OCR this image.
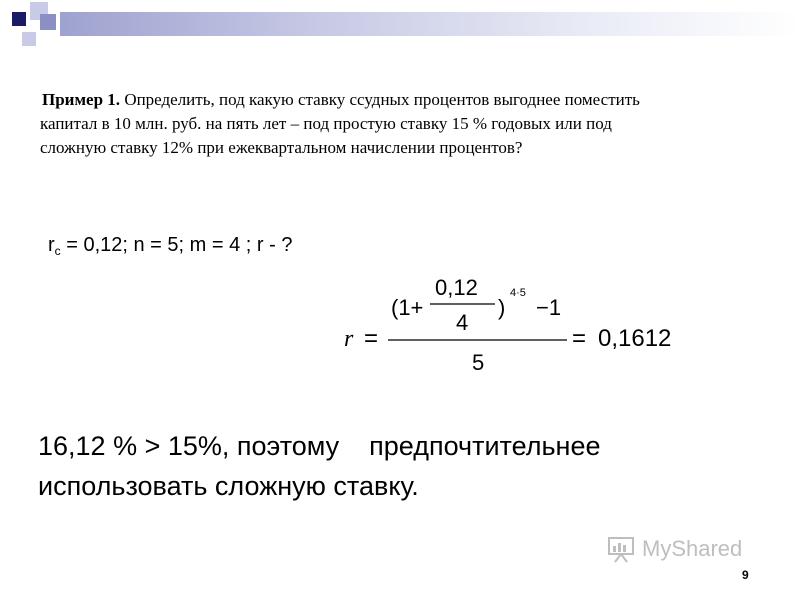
Пример 1. Определить, под какую ставку ссудных процентов выгоднее поместить
капитал в 10 млн. руб. на пять лет – под простую ставку 15 % годовых или под
сложную ставку 12% при ежеквартальном начислении процентов?
$r_c = 0,12$; n = 5; m = 4 ; r - ?
r =
(1+
0,12
4
)
4·5
−1
5
= 0,1612
16,12 % > 15%, поэтому предпочтительнее
использовать сложную ставку.
MyShared
9
